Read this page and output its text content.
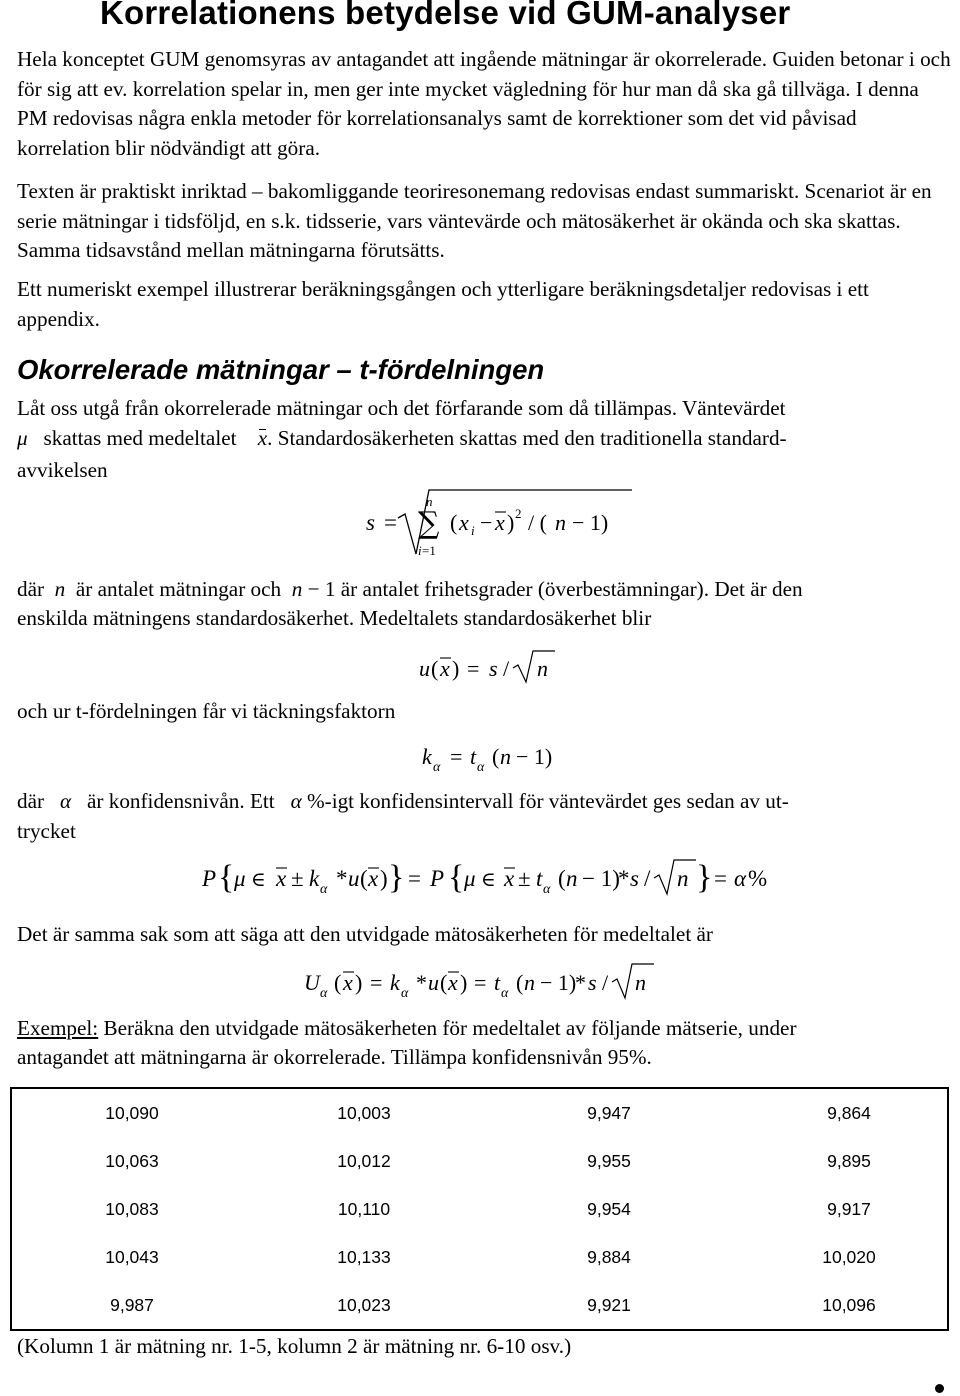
Korrelationens betydelse vid GUM-analyser

Hela konceptet GUM genomsyras av antagandet att ingående mätningar är okorrelerade. Guiden betonar i och för sig att ev. korrelation spelar in, men ger inte mycket vägledning för hur man då ska gå tillväga. I denna PM redovisas några enkla metoder för korrelationsanalys samt de korrektioner som det vid påvisad korrelation blir nödvändigt att göra.

Texten är praktiskt inriktad – bakomliggande teoriresonemang redovisas endast summariskt. Scenariot är en serie mätningar i tidsföljd, en s.k. tidsserie, vars väntevärde och mätosäkerhet är okända och ska skattas. Samma tidsavstånd mellan mätningarna förutsätts.

Ett numeriskt exempel illustrerar beräkningsgången och ytterligare beräkningsdetaljer redovisas i ett appendix.

Okorrelerade mätningar – t-fördelningen
Låt oss utgå från okorrelerade mätningar och det förfarande som då tillämpas. Väntevärdet
μ skattas med medeltalet x. Standardosäkerheten skattas med den traditionella standard-
avvikelsen
s =
n
∑
i =1
( x i − x ) 2 / ( n − 1)
där  n  är antalet mätningar och  n − 1 är antalet frihetsgrader (överbestämningar). Det är den
enskilda mätningens standardosäkerhet. Medeltalets standardosäkerhet blir
u ( x ) = s / n
och ur t-fördelningen får vi täckningsfaktorn
k α = t α ( n − 1)
där   α   är konfidensnivån. Ett   α %-igt konfidensintervall för väntevärdet ges sedan av ut-
trycket
P { μ ∈ x ± k α * u ( x ) } = P { μ ∈ x ± t α ( n − 1)
* s / n } = α %
Det är samma sak som att säga att den utvidgade mätosäkerheten för medeltalet är
U α ( x ) = k α * u ( x ) = t α ( n − 1)
* s / n
Exempel: Beräkna den utvidgade mätosäkerheten för medeltalet av följande mätserie, under
antagandet att mätningarna är okorrelerade. Tillämpa konfidensnivån 95%.
10,090	10,003	9,947	9,864
10,063	10,012	9,955	9,895
10,083	10,110	9,954	9,917
10,043	10,133	9,884	10,020
9,987	10,023	9,921	10,096
(Kolumn 1 är mätning nr. 1-5, kolumn 2 är mätning nr. 6-10 osv.)
